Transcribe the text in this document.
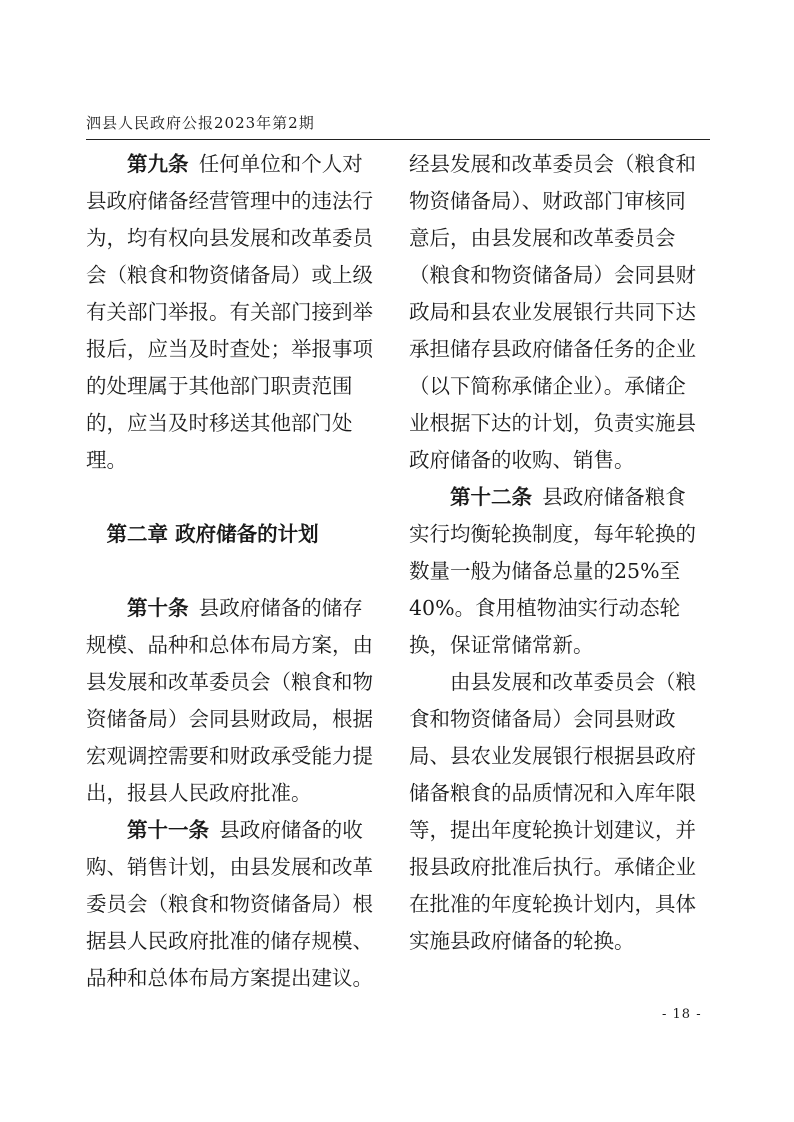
泗县人民政府公报2023年第2期
  第九条  任何单位和个人对
县政府储备经营管理中的违法行
为，均有权向县发展和改革委员
会（粮食和物资储备局）或上级
有关部门举报。有关部门接到举
报后，应当及时查处；举报事项
的处理属于其他部门职责范围
的，应当及时移送其他部门处
理。
  第二章 政府储备的计划
  第十条  县政府储备的储存
规模、品种和总体布局方案，由
县发展和改革委员会（粮食和物
资储备局）会同县财政局，根据
宏观调控需要和财政承受能力提
出，报县人民政府批准。
  第十一条  县政府储备的收
购、销售计划，由县发展和改革
委员会（粮食和物资储备局）根
据县人民政府批准的储存规模、
品种和总体布局方案提出建议。
经县发展和改革委员会（粮食和
物资储备局）、财政部门审核同
意后，由县发展和改革委员会
（粮食和物资储备局）会同县财
政局和县农业发展银行共同下达
承担储存县政府储备任务的企业
（以下简称承储企业）。承储企
业根据下达的计划，负责实施县
政府储备的收购、销售。
  第十二条  县政府储备粮食
实行均衡轮换制度，每年轮换的
数量一般为储备总量的25%至
40%。食用植物油实行动态轮
换，保证常储常新。
  由县发展和改革委员会（粮
食和物资储备局）会同县财政
局、县农业发展银行根据县政府
储备粮食的品质情况和入库年限
等，提出年度轮换计划建议，并
报县政府批准后执行。承储企业
在批准的年度轮换计划内，具体
实施县政府储备的轮换。
- 18 -
